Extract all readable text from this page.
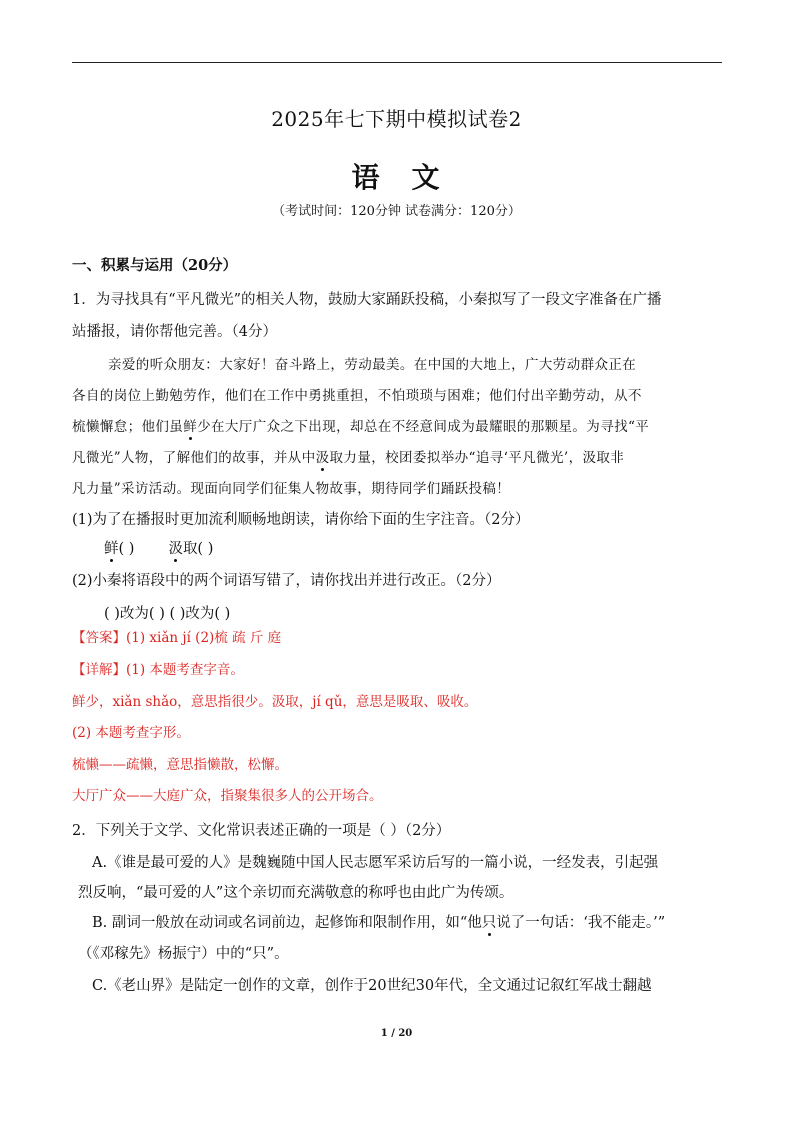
2025年七下期中模拟试卷2
语文
（考试时间：120分钟 试卷满分：120分）
一、积累与运用（20分）
1．为寻找具有“平凡微光”的相关人物，鼓励大家踊跃投稿，小秦拟写了一段文字准备在广播
站播报，请你帮他完善。（4分）
亲爱的听众朋友：大家好！奋斗路上，劳动最美。在中国的大地上，广大劳动群众正在
各自的岗位上勤勉劳作，他们在工作中勇挑重担，不怕琐琐与困难；他们付出辛勤劳动，从不
梳懒懈怠；他们虽鲜少在大厅广众之下出现，却总在不经意间成为最耀眼的那颗星。为寻找“平
凡微光”人物，了解他们的故事，并从中汲取力量，校团委拟举办“追寻‘平凡微光’，汲取非
凡力量”采访活动。现面向同学们征集人物故事，期待同学们踊跃投稿！
(1)为了在播报时更加流利顺畅地朗读，请你给下面的生字注音。（2分）
鲜( ) 汲取( )
(2)小秦将语段中的两个词语写错了，请你找出并进行改正。（2分）
( )改为( ) ( )改为( )
【答案】(1) xiǎn jí (2)梳 疏 斤 庭
【详解】(1) 本题考查字音。
鲜少，xiǎn shǎo，意思指很少。汲取，jí qǔ，意思是吸取、吸收。
(2) 本题考查字形。
梳懒——疏懒，意思指懒散，松懈。
大厅广众——大庭广众，指聚集很多人的公开场合。
2．下列关于文学、文化常识表述正确的一项是（ ）（2分）
A.《谁是最可爱的人》是魏巍随中国人民志愿军采访后写的一篇小说，一经发表，引起强
烈反响，“最可爱的人”这个亲切而充满敬意的称呼也由此广为传颂。
B. 副词一般放在动词或名词前边，起修饰和限制作用，如“他只说了一句话：‘我不能走。’”
（《邓稼先》杨振宁）中的“只”。
C.《老山界》是陆定一创作的文章，创作于20世纪30年代，全文通过记叙红军战士翻越
1 / 20
